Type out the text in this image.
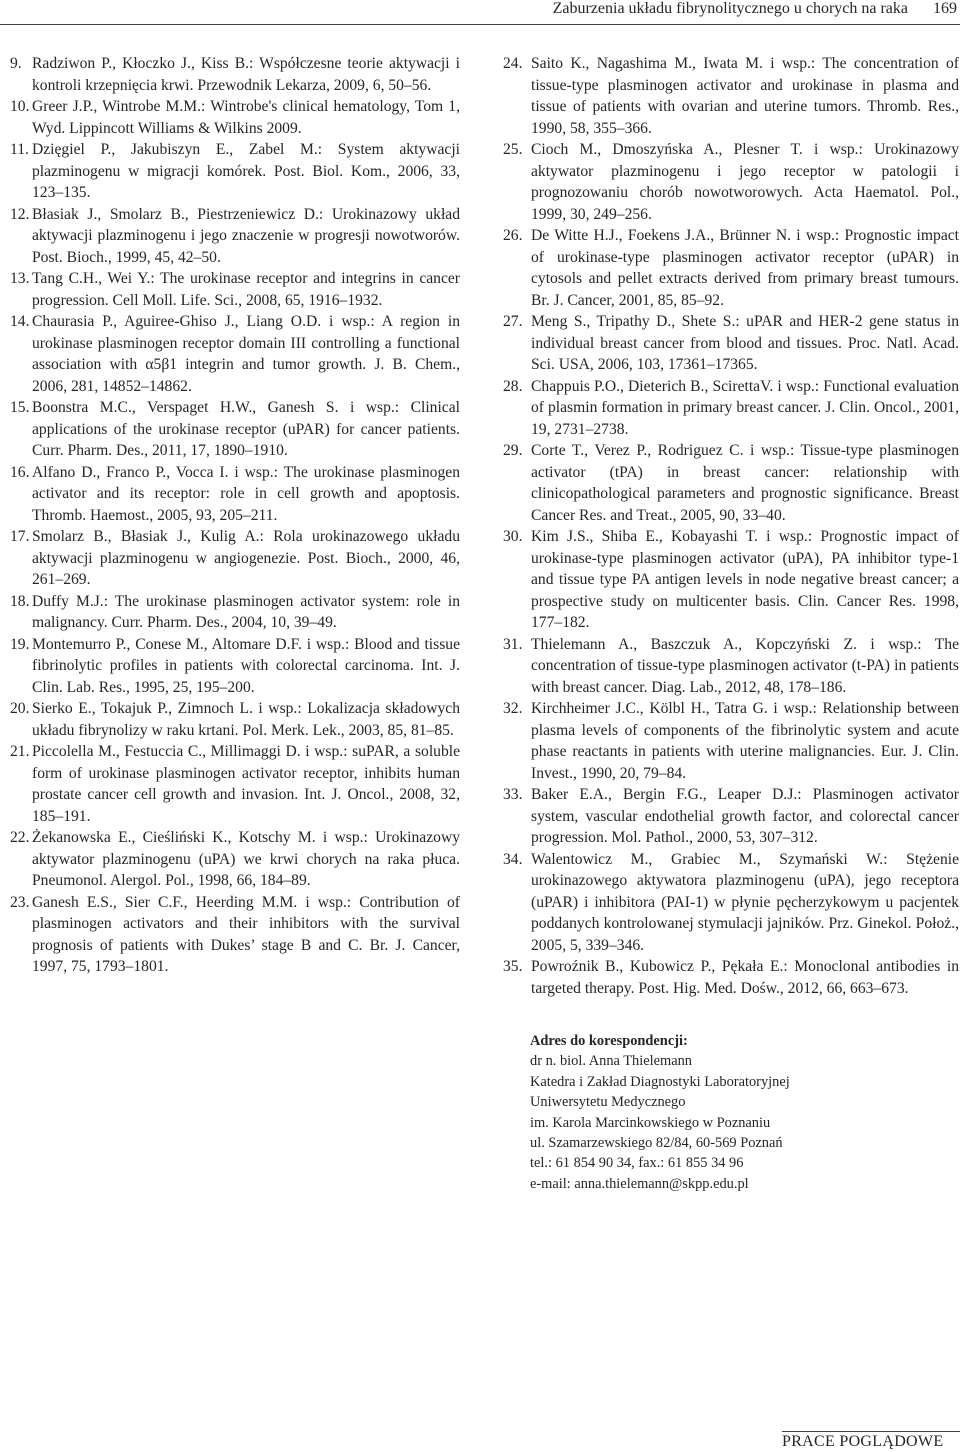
Zaburzenia układu fibrynolitycznego u chorych na raka 169

9. Radziwon P., Kłoczko J., Kiss B.: Współczesne teorie aktywacji i kontroli krzepnięcia krwi. Przewodnik Lekarza, 2009, 6, 50–56.

10. Greer J.P., Wintrobe M.M.: Wintrobe's clinical hematology, Tom 1, Wyd. Lippincott Williams & Wilkins 2009.

11. Dzięgiel P., Jakubiszyn E., Zabel M.: System aktywacji plazminogenu w migracji komórek. Post. Biol. Kom., 2006, 33, 123–135.

12. Błasiak J., Smolarz B., Piestrzeniewicz D.: Urokinazowy układ aktywacji plazminogenu i jego znaczenie w progresji nowotworów. Post. Bioch., 1999, 45, 42–50.

13. Tang C.H., Wei Y.: The urokinase receptor and integrins in cancer progression. Cell Moll. Life. Sci., 2008, 65, 1916–1932.

14. Chaurasia P., Aguiree-Ghiso J., Liang O.D. i wsp.: A region in urokinase plasminogen receptor domain III controlling a functional association with α5β1 integrin and tumor growth. J. B. Chem., 2006, 281, 14852–14862.

15. Boonstra M.C., Verspaget H.W., Ganesh S. i wsp.: Clinical applications of the urokinase receptor (uPAR) for cancer patients. Curr. Pharm. Des., 2011, 17, 1890–1910.

16. Alfano D., Franco P., Vocca I. i wsp.: The urokinase plasminogen activator and its receptor: role in cell growth and apoptosis. Thromb. Haemost., 2005, 93, 205–211.

17. Smolarz B., Błasiak J., Kulig A.: Rola urokinazowego układu aktywacji plazminogenu w angiogenezie. Post. Bioch., 2000, 46, 261–269.

18. Duffy M.J.: The urokinase plasminogen activator system: role in malignancy. Curr. Pharm. Des., 2004, 10, 39–49.

19. Montemurro P., Conese M., Altomare D.F. i wsp.: Blood and tissue fibrinolytic profiles in patients with colorectal carcinoma. Int. J. Clin. Lab. Res., 1995, 25, 195–200.

20. Sierko E., Tokajuk P., Zimnoch L. i wsp.: Lokalizacja składowych układu fibrynolizy w raku krtani. Pol. Merk. Lek., 2003, 85, 81–85.

21. Piccolella M., Festuccia C., Millimaggi D. i wsp.: suPAR, a soluble form of urokinase plasminogen activator receptor, inhibits human prostate cancer cell growth and invasion. Int. J. Oncol., 2008, 32, 185–191.

22. Żekanowska E., Cieśliński K., Kotschy M. i wsp.: Urokinazowy aktywator plazminogenu (uPA) we krwi chorych na raka płuca. Pneumonol. Alergol. Pol., 1998, 66, 184–89.

23. Ganesh E.S., Sier C.F., Heerding M.M. i wsp.: Contribution of plasminogen activators and their inhibitors with the survival prognosis of patients with Dukes’ stage B and C. Br. J. Cancer, 1997, 75, 1793–1801.

24. Saito K., Nagashima M., Iwata M. i wsp.: The concentration of tissue-type plasminogen activator and urokinase in plasma and tissue of patients with ovarian and uterine tumors. Thromb. Res., 1990, 58, 355–366.

25. Cioch M., Dmoszyńska A., Plesner T. i wsp.: Urokinazowy aktywator plazminogenu i jego receptor w patologii i prognozowaniu chorób nowotworowych. Acta Haematol. Pol., 1999, 30, 249–256.

26. De Witte H.J., Foekens J.A., Brünner N. i wsp.: Prognostic impact of urokinase-type plasminogen activator receptor (uPAR) in cytosols and pellet extracts derived from primary breast tumours. Br. J. Cancer, 2001, 85, 85–92.

27. Meng S., Tripathy D., Shete S.: uPAR and HER-2 gene status in individual breast cancer from blood and tissues. Proc. Natl. Acad. Sci. USA, 2006, 103, 17361–17365.

28. Chappuis P.O., Dieterich B., ScirettaV. i wsp.: Functional evaluation of plasmin formation in primary breast cancer. J. Clin. Oncol., 2001, 19, 2731–2738.

29. Corte T., Verez P., Rodriguez C. i wsp.: Tissue-type plasminogen activator (tPA) in breast cancer: relationship with clinicopathological parameters and prognostic significance. Breast Cancer Res. and Treat., 2005, 90, 33–40.

30. Kim J.S., Shiba E., Kobayashi T. i wsp.: Prognostic impact of urokinase-type plasminogen activator (uPA), PA inhibitor type-1 and tissue type PA antigen levels in node negative breast cancer; a prospective study on multicenter basis. Clin. Cancer Res. 1998, 177–182.

31. Thielemann A., Baszczuk A., Kopczyński Z. i wsp.: The concentration of tissue-type plasminogen activator (t-PA) in patients with breast cancer. Diag. Lab., 2012, 48, 178–186.

32. Kirchheimer J.C., Kölbl H., Tatra G. i wsp.: Relationship between plasma levels of components of the fibrinolytic system and acute phase reactants in patients with uterine malignancies. Eur. J. Clin. Invest., 1990, 20, 79–84.

33. Baker E.A., Bergin F.G., Leaper D.J.: Plasminogen activator system, vascular endothelial growth factor, and colorectal cancer progression. Mol. Pathol., 2000, 53, 307–312.

34. Walentowicz M., Grabiec M., Szymański W.: Stężenie urokinazowego aktywatora plazminogenu (uPA), jego receptora (uPAR) i inhibitora (PAI-1) w płynie pęcherzykowym u pacjentek poddanych kontrolowanej stymulacji jajników. Prz. Ginekol. Położ., 2005, 5, 339–346.

35. Powroźnik B., Kubowicz P., Pękała E.: Monoclonal antibodies in targeted therapy. Post. Hig. Med. Dośw., 2012, 66, 663–673.

Adres do korespondencji:
dr n. biol. Anna Thielemann
Katedra i Zakład Diagnostyki Laboratoryjnej
Uniwersytetu Medycznego
im. Karola Marcinkowskiego w Poznaniu
ul. Szamarzewskiego 82/84, 60-569 Poznań
tel.: 61 854 90 34, fax.: 61 855 34 96
e-mail: anna.thielemann@skpp.edu.pl
PRACE POGLĄDOWE
